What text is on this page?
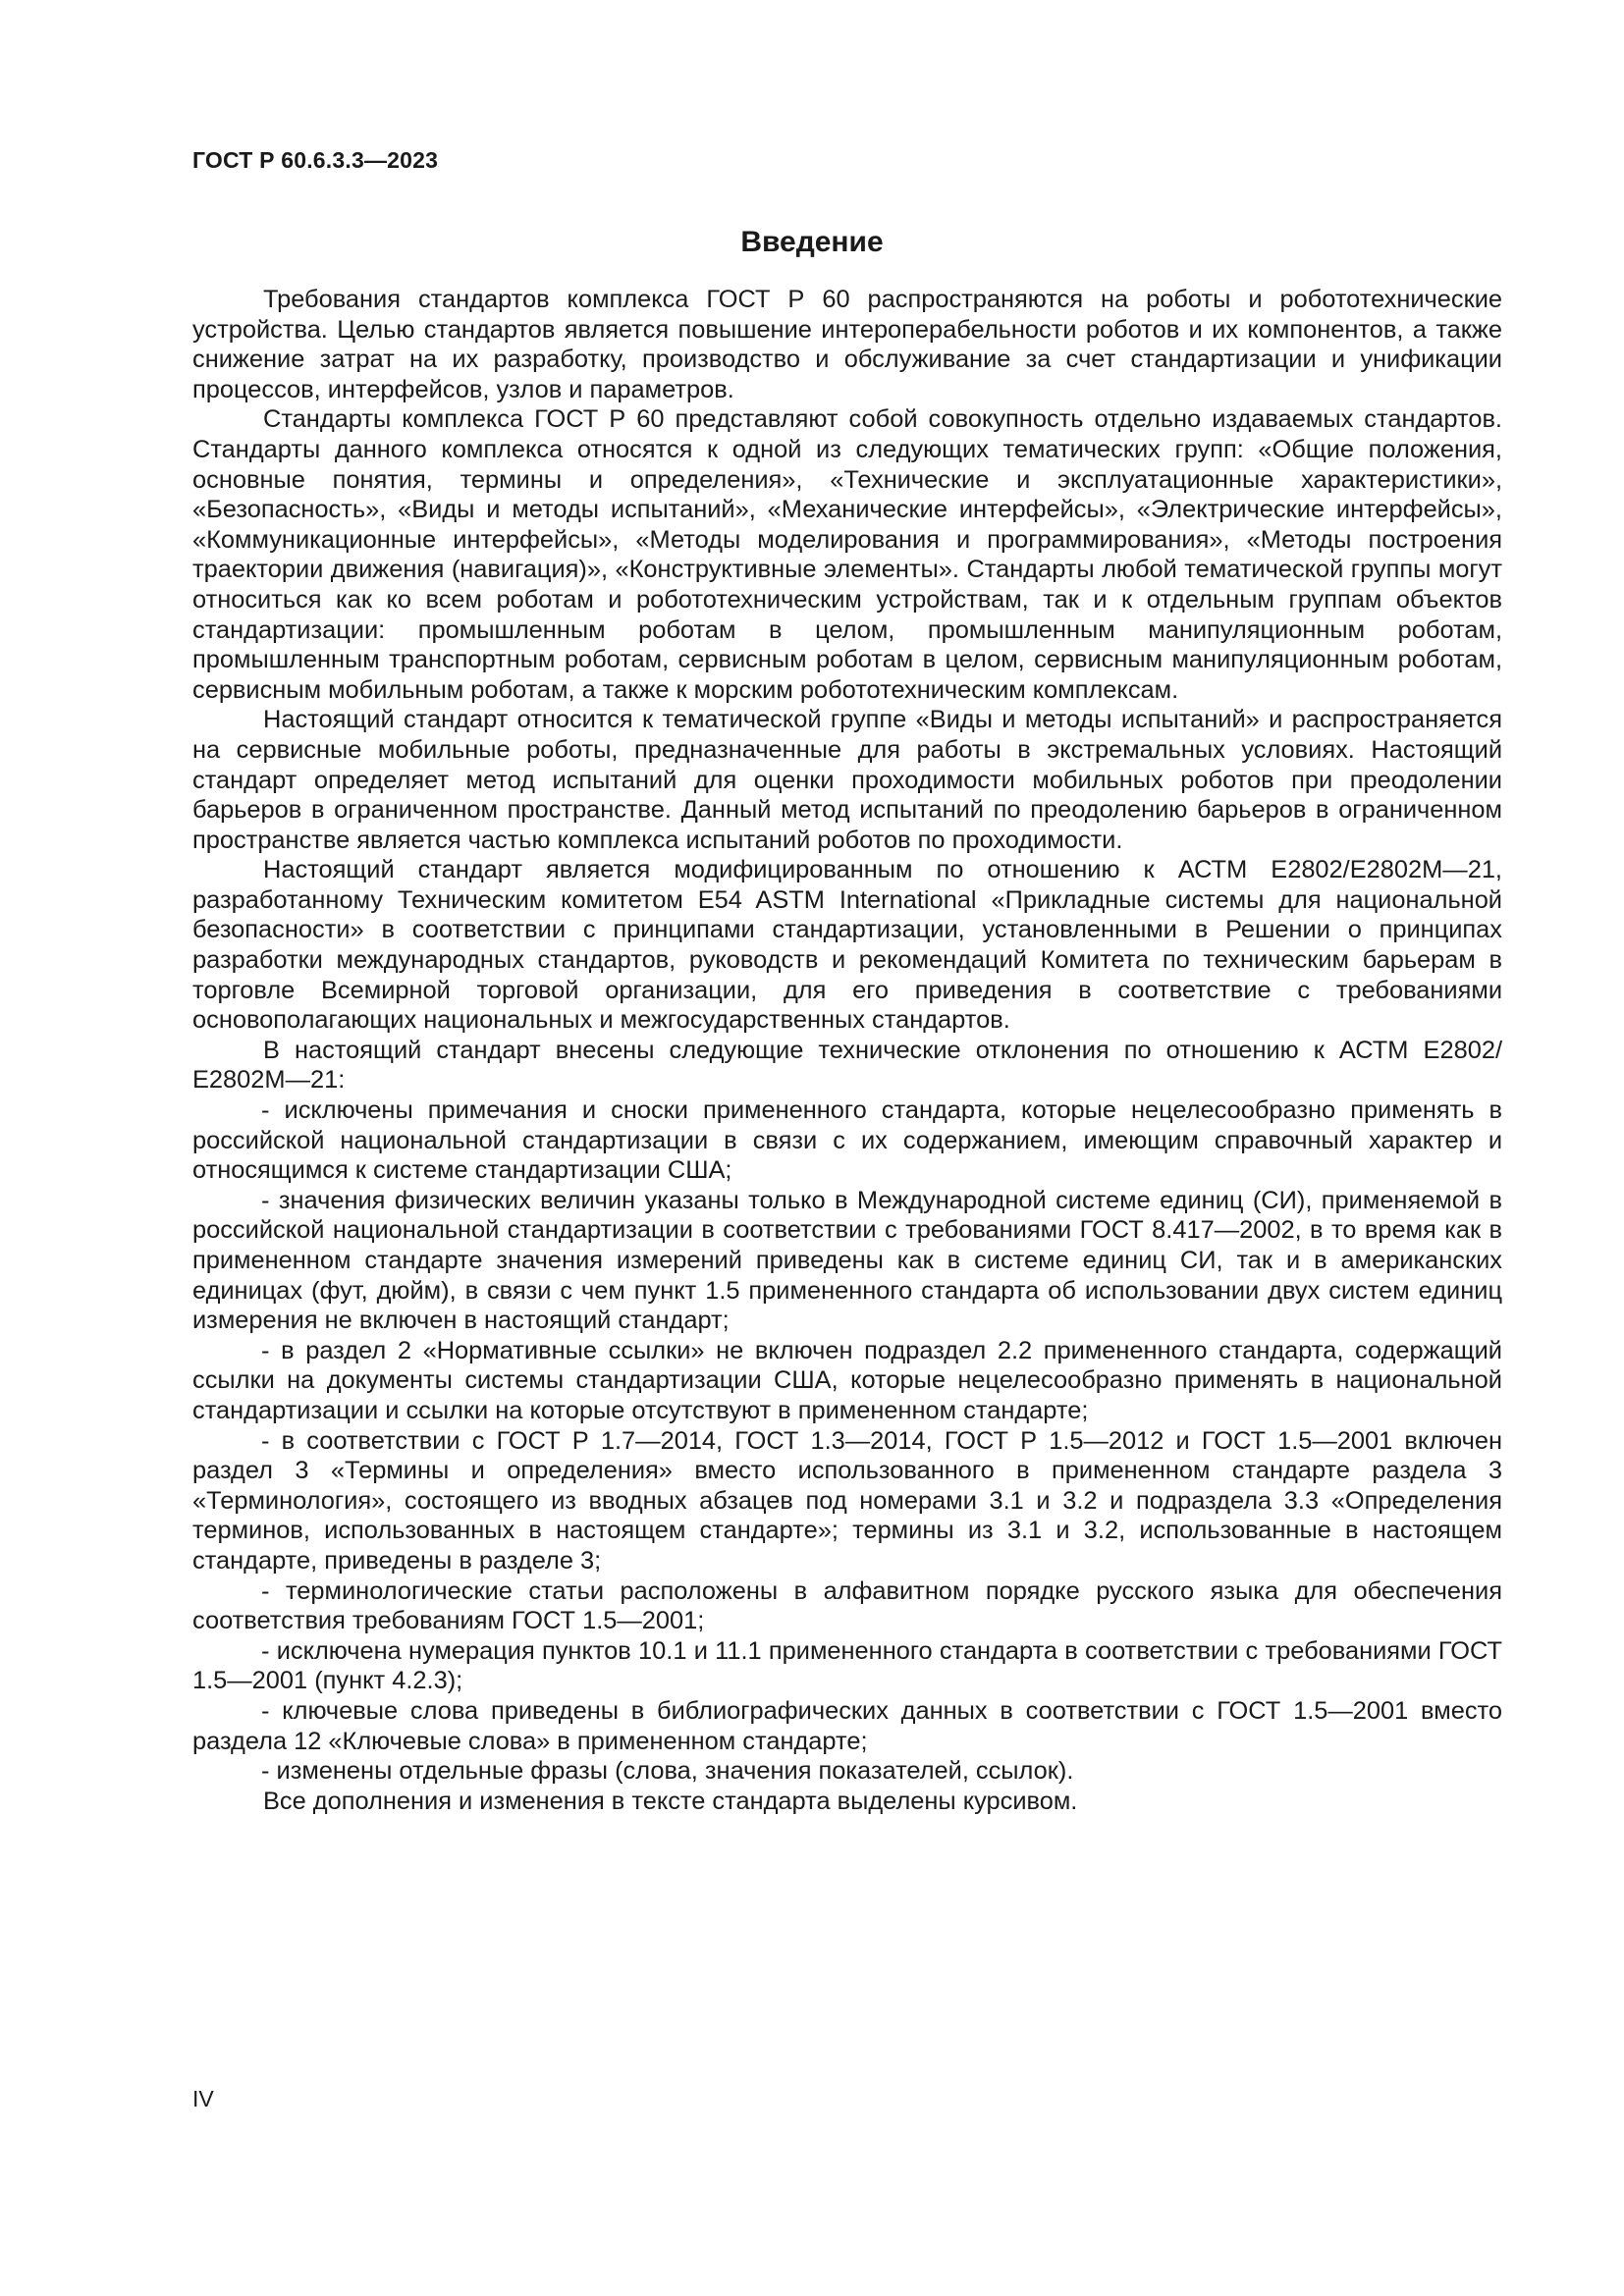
ГОСТ Р 60.6.3.3—2023
Введение

Требования стандартов комплекса ГОСТ Р 60 распространяются на роботы и робототехнические устройства. Целью стандартов является повышение интероперабельности роботов и их компонентов, а также снижение затрат на их разработку, производство и обслуживание за счет стандартизации и унификации процессов, интерфейсов, узлов и параметров.

Стандарты комплекса ГОСТ Р 60 представляют собой совокупность отдельно издаваемых стандартов. Стандарты данного комплекса относятся к одной из следующих тематических групп: «Общие положения, основные понятия, термины и определения», «Технические и эксплуатационные характеристики», «Безопасность», «Виды и методы испытаний», «Механические интерфейсы», «Электрические интерфейсы», «Коммуникационные интерфейсы», «Методы моделирования и программирования», «Методы построения траектории движения (навигация)», «Конструктивные элементы». Стандарты любой тематической группы могут относиться как ко всем роботам и робототехническим устройствам, так и к отдельным группам объектов стандартизации: промышленным роботам в целом, промышленным манипуляционным роботам, промышленным транспортным роботам, сервисным роботам в целом, сервисным манипуляционным роботам, сервисным мобильным роботам, а также к морским робототехническим комплексам.

Настоящий стандарт относится к тематической группе «Виды и методы испытаний» и распространяется на сервисные мобильные роботы, предназначенные для работы в экстремальных условиях. Настоящий стандарт определяет метод испытаний для оценки проходимости мобильных роботов при преодолении барьеров в ограниченном пространстве. Данный метод испытаний по преодолению барьеров в ограниченном пространстве является частью комплекса испытаний роботов по проходимости.

Настоящий стандарт является модифицированным по отношению к АСТМ Е2802/Е2802М—21, разработанному Техническим комитетом E54 ASTM International «Прикладные системы для национальной безопасности» в соответствии с принципами стандартизации, установленными в Решении о принципах разработки международных стандартов, руководств и рекомендаций Комитета по техническим барьерам в торговле Всемирной торговой организации, для его приведения в соответствие с требованиями основополагающих национальных и межгосударственных стандартов.

В настоящий стандарт внесены следующие технические отклонения по отношению к АСТМ Е2802/ Е2802М—21:

- исключены примечания и сноски примененного стандарта, которые нецелесообразно применять в российской национальной стандартизации в связи с их содержанием, имеющим справочный характер и относящимся к системе стандартизации США;

- значения физических величин указаны только в Международной системе единиц (СИ), применяемой в российской национальной стандартизации в соответствии с требованиями ГОСТ 8.417—2002, в то время как в примененном стандарте значения измерений приведены как в системе единиц СИ, так и в американских единицах (фут, дюйм), в связи с чем пункт 1.5 примененного стандарта об использовании двух систем единиц измерения не включен в настоящий стандарт;

- в раздел 2 «Нормативные ссылки» не включен подраздел 2.2 примененного стандарта, содержащий ссылки на документы системы стандартизации США, которые нецелесообразно применять в национальной стандартизации и ссылки на которые отсутствуют в примененном стандарте;

- в соответствии с ГОСТ Р 1.7—2014, ГОСТ 1.3—2014, ГОСТ Р 1.5—2012 и ГОСТ 1.5—2001 включен раздел 3 «Термины и определения» вместо использованного в примененном стандарте раздела 3 «Терминология», состоящего из вводных абзацев под номерами 3.1 и 3.2 и подраздела 3.3 «Определения терминов, использованных в настоящем стандарте»; термины из 3.1 и 3.2, использованные в настоящем стандарте, приведены в разделе 3;

- терминологические статьи расположены в алфавитном порядке русского языка для обеспечения соответствия требованиям ГОСТ 1.5—2001;

- исключена нумерация пунктов 10.1 и 11.1 примененного стандарта в соответствии с требованиями ГОСТ 1.5—2001 (пункт 4.2.3);

- ключевые слова приведены в библиографических данных в соответствии с ГОСТ 1.5—2001 вместо раздела 12 «Ключевые слова» в примененном стандарте;

- изменены отдельные фразы (слова, значения показателей, ссылок).

Все дополнения и изменения в тексте стандарта выделены курсивом.

IV
